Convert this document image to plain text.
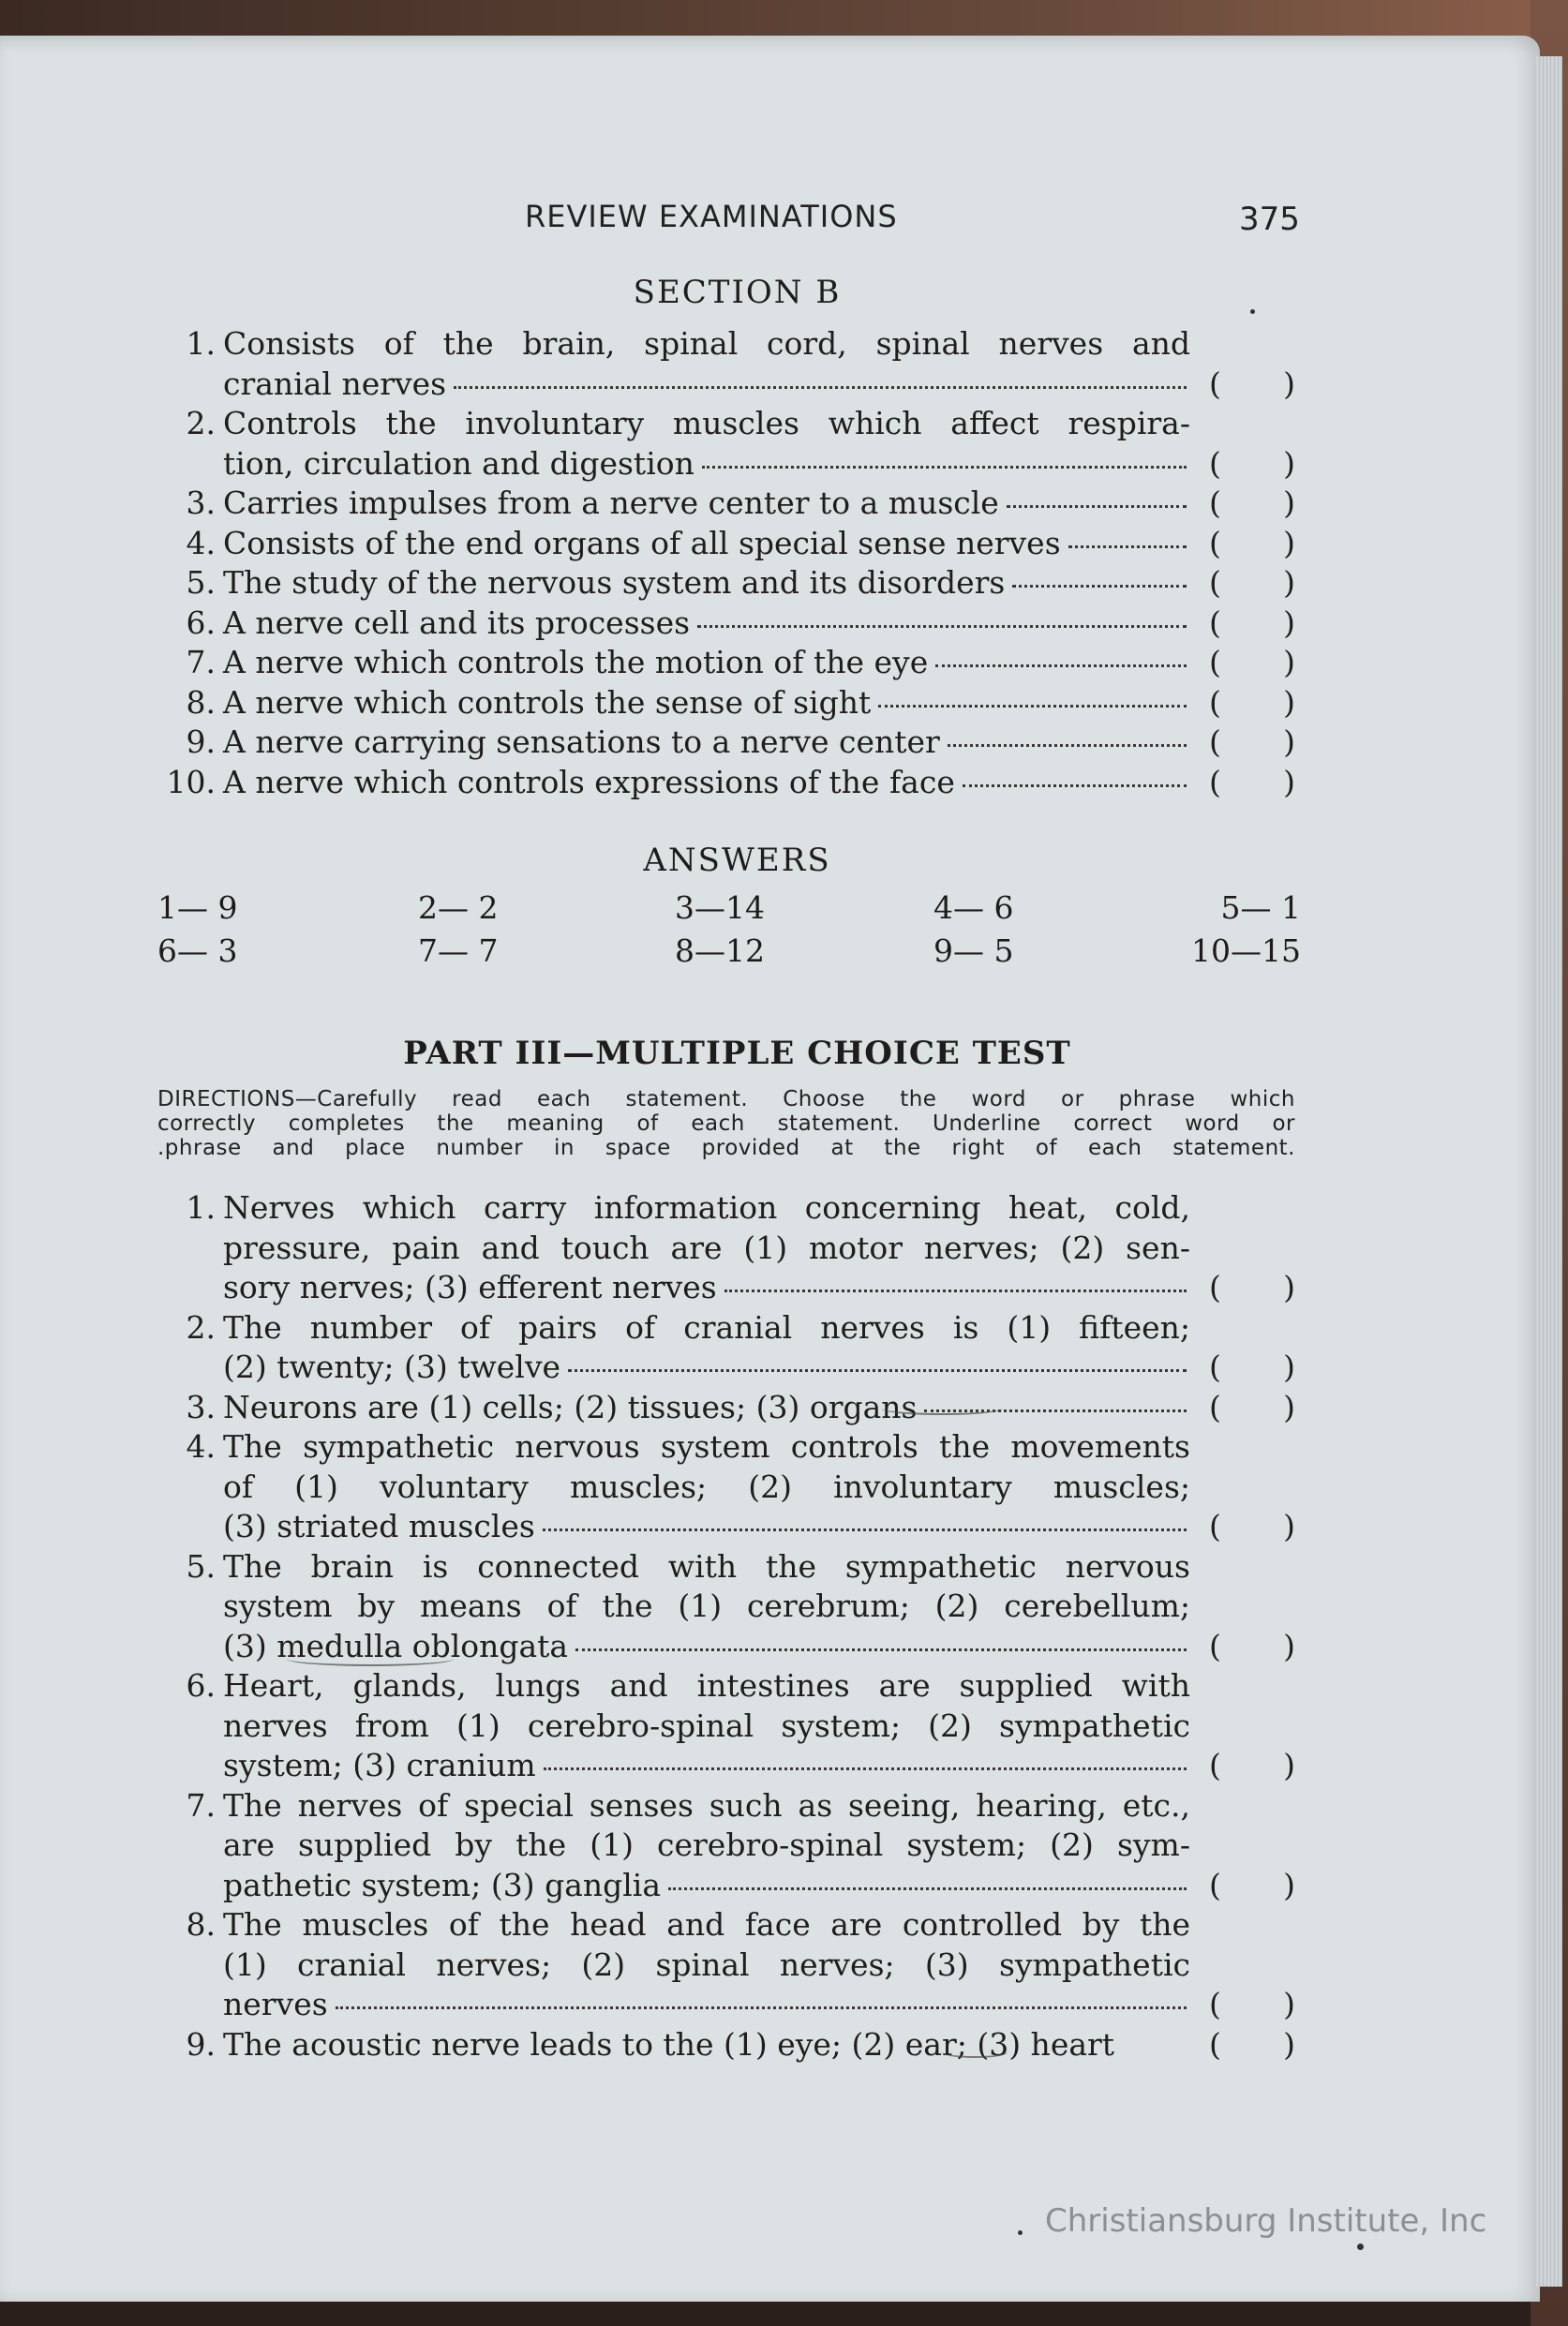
REVIEW EXAMINATIONS	375
SECTION B
1. Consists of the brain, spinal cord, spinal nerves and
cranial nerves	( )
2. Controls the involuntary muscles which affect respira-
tion, circulation and digestion	( )
3. Carries impulses from a nerve center to a muscle	( )
4. Consists of the end organs of all special sense nerves	( )
5. The study of the nervous system and its disorders	( )
6. A nerve cell and its processes	( )
7. A nerve which controls the motion of the eye	( )
8. A nerve which controls the sense of sight	( )
9. A nerve carrying sensations to a nerve center	( )
10. A nerve which controls expressions of the face	( )
ANSWERS
1— 9	2— 2	3—14	4— 6	5— 1
6— 3	7— 7	8—12	9— 5	10—15
PART III—MULTIPLE CHOICE TEST
DIRECTIONS—Carefully read each statement. Choose the word or phrase which
correctly completes the meaning of each statement. Underline correct word or
.phrase and place number in space provided at the right of each statement.
1. Nerves which carry information concerning heat, cold,
pressure, pain and touch are (1) motor nerves; (2) sen-
sory nerves; (3) efferent nerves	( )
2. The number of pairs of cranial nerves is (1) fifteen;
(2) twenty; (3) twelve	( )
3. Neurons are (1) cells; (2) tissues; (3) organs	( )
4. The sympathetic nervous system controls the movements
of (1) voluntary muscles; (2) involuntary muscles;
(3) striated muscles	( )
5. The brain is connected with the sympathetic nervous
system by means of the (1) cerebrum; (2) cerebellum;
(3) medulla oblongata	( )
6. Heart, glands, lungs and intestines are supplied with
nerves from (1) cerebro-spinal system; (2) sympathetic
system; (3) cranium	( )
7. The nerves of special senses such as seeing, hearing, etc.,
are supplied by the (1) cerebro-spinal system; (2) sym-
pathetic system; (3) ganglia	( )
8. The muscles of the head and face are controlled by the
(1) cranial nerves; (2) spinal nerves; (3) sympathetic
nerves	( )
9. The acoustic nerve leads to the (1) eye; (2) ear; (3) heart	( )
Christiansburg Institute, Inc
